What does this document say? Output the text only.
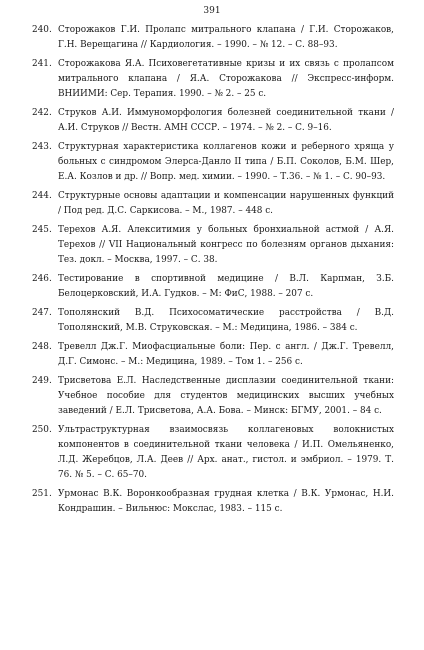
391
240. Сторожаков Г.И. Пролапс митрального клапана / Г.И. Сторожаков, Г.Н. Верещагина // Кардиология. – 1990. – № 12. – С. 88–93.
241. Сторожакова Я.А. Психовегетативные кризы и их связь с пролапсом митрального клапана / Я.А. Сторожакова // Экспресс-информ. ВНИИМИ: Сер. Терапия. 1990. – № 2. – 25 с.
242. Струков А.И. Иммуноморфология болезней соединительной ткани / А.И. Струков // Вестн. АМН СССР. – 1974. – № 2. – С. 9–16.
243. Структурная характеристика коллагенов кожи и реберного хряща у больных с синдромом Элерса-Данло II типа / Б.П. Соколов, Б.М. Шер, Е.А. Козлов и др. // Вопр. мед. химии. – 1990. – Т.36. – № 1. – С. 90–93.
244. Структурные основы адаптации и компенсации нарушенных функций / Под ред. Д.С. Саркисова. – М., 1987. – 448 с.
245. Терехов А.Я. Алекситимия у больных бронхиальной астмой / А.Я. Терехов // VII Национальный конгресс по болезням органов дыхания: Тез. докл. – Москва, 1997. – С. 38.
246. Тестирование в спортивной медицине / В.Л. Карпман, З.Б. Белоцерковский, И.А. Гудков. – М: ФиС, 1988. – 207 с.
247. Тополянский В.Д. Психосоматические расстройства / В.Д. Тополянский, М.В. Струковская. – М.: Медицина, 1986. – 384 с.
248. Тревелл Дж.Г. Миофасциальные боли: Пер. с англ. / Дж.Г. Тревелл, Д.Г. Симонс. – М.: Медицина, 1989. – Том 1. – 256 с.
249. Трисветова Е.Л. Наследственные дисплазии соединительной ткани: Учебное пособие для студентов медицинских высших учебных заведений / Е.Л. Трисветова, А.А. Бова. – Минск: БГМУ, 2001. – 84 с.
250. Ультраструктурная взаимосвязь коллагеновых волокнистых компонентов в соединительной ткани человека / И.П. Омельяненко, Л.Д. Жеребцов, Л.А. Деев // Арх. анат., гистол. и эмбриол. – 1979. Т. 76. № 5. – С. 65–70.
251. Урмонас В.К. Воронкообразная грудная клетка / В.К. Урмонас, Н.И. Кондрашин. – Вильнюс: Мокслас, 1983. – 115 с.
